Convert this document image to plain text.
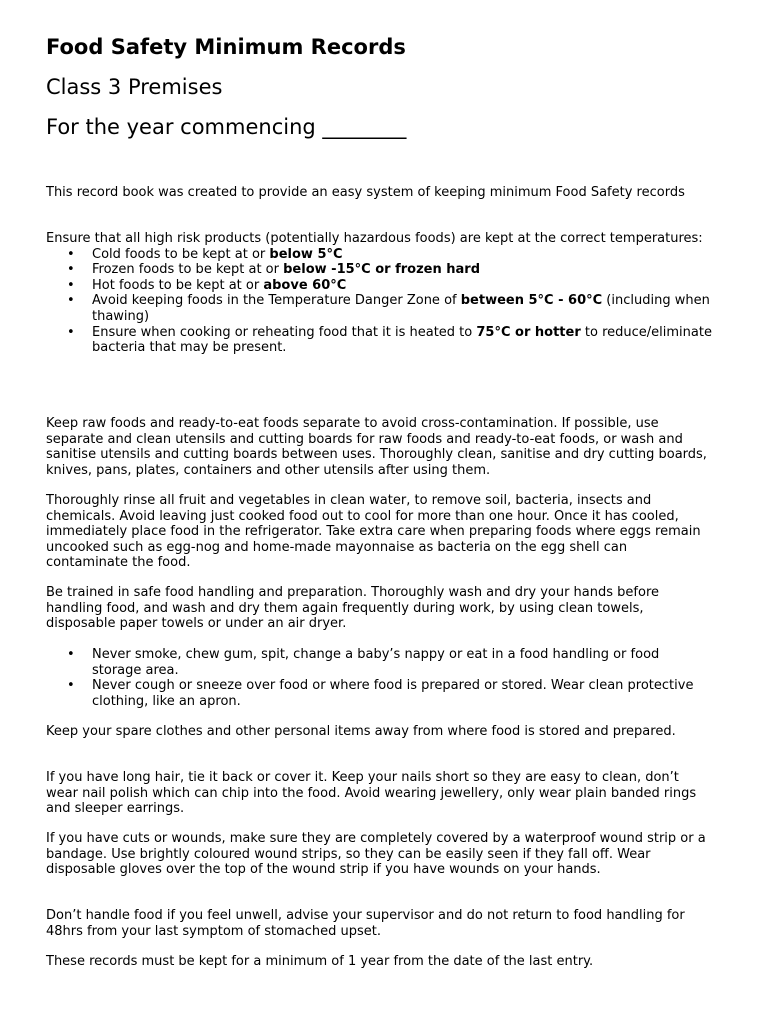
Food Safety Minimum Records
Class 3 Premises
For the year commencing ________

This record book was created to provide an easy system of keeping minimum Food Safety records

Ensure that all high risk products (potentially hazardous foods) are kept at the correct temperatures:

• Cold foods to be kept at or below 5°C
• Frozen foods to be kept at or below -15°C or frozen hard
• Hot foods to be kept at or above 60°C
• Avoid keeping foods in the Temperature Danger Zone of between 5°C - 60°C (including when thawing)
• Ensure when cooking or reheating food that it is heated to 75°C or hotter to reduce/eliminate bacteria that may be present.

Keep raw foods and ready-to-eat foods separate to avoid cross-contamination. If possible, use separate and clean utensils and cutting boards for raw foods and ready-to-eat foods, or wash and sanitise utensils and cutting boards between uses. Thoroughly clean, sanitise and dry cutting boards, knives, pans, plates, containers and other utensils after using them.

Thoroughly rinse all fruit and vegetables in clean water, to remove soil, bacteria, insects and chemicals. Avoid leaving just cooked food out to cool for more than one hour. Once it has cooled, immediately place food in the refrigerator. Take extra care when preparing foods where eggs remain uncooked such as egg-nog and home-made mayonnaise as bacteria on the egg shell can contaminate the food.

Be trained in safe food handling and preparation. Thoroughly wash and dry your hands before handling food, and wash and dry them again frequently during work, by using clean towels, disposable paper towels or under an air dryer.

• Never smoke, chew gum, spit, change a baby’s nappy or eat in a food handling or food storage area.
• Never cough or sneeze over food or where food is prepared or stored. Wear clean protective clothing, like an apron.

Keep your spare clothes and other personal items away from where food is stored and prepared.

If you have long hair, tie it back or cover it. Keep your nails short so they are easy to clean, don’t wear nail polish which can chip into the food. Avoid wearing jewellery, only wear plain banded rings and sleeper earrings.

If you have cuts or wounds, make sure they are completely covered by a waterproof wound strip or a bandage. Use brightly coloured wound strips, so they can be easily seen if they fall off. Wear disposable gloves over the top of the wound strip if you have wounds on your hands.

Don’t handle food if you feel unwell, advise your supervisor and do not return to food handling for 48hrs from your last symptom of stomached upset.

These records must be kept for a minimum of 1 year from the date of the last entry.
